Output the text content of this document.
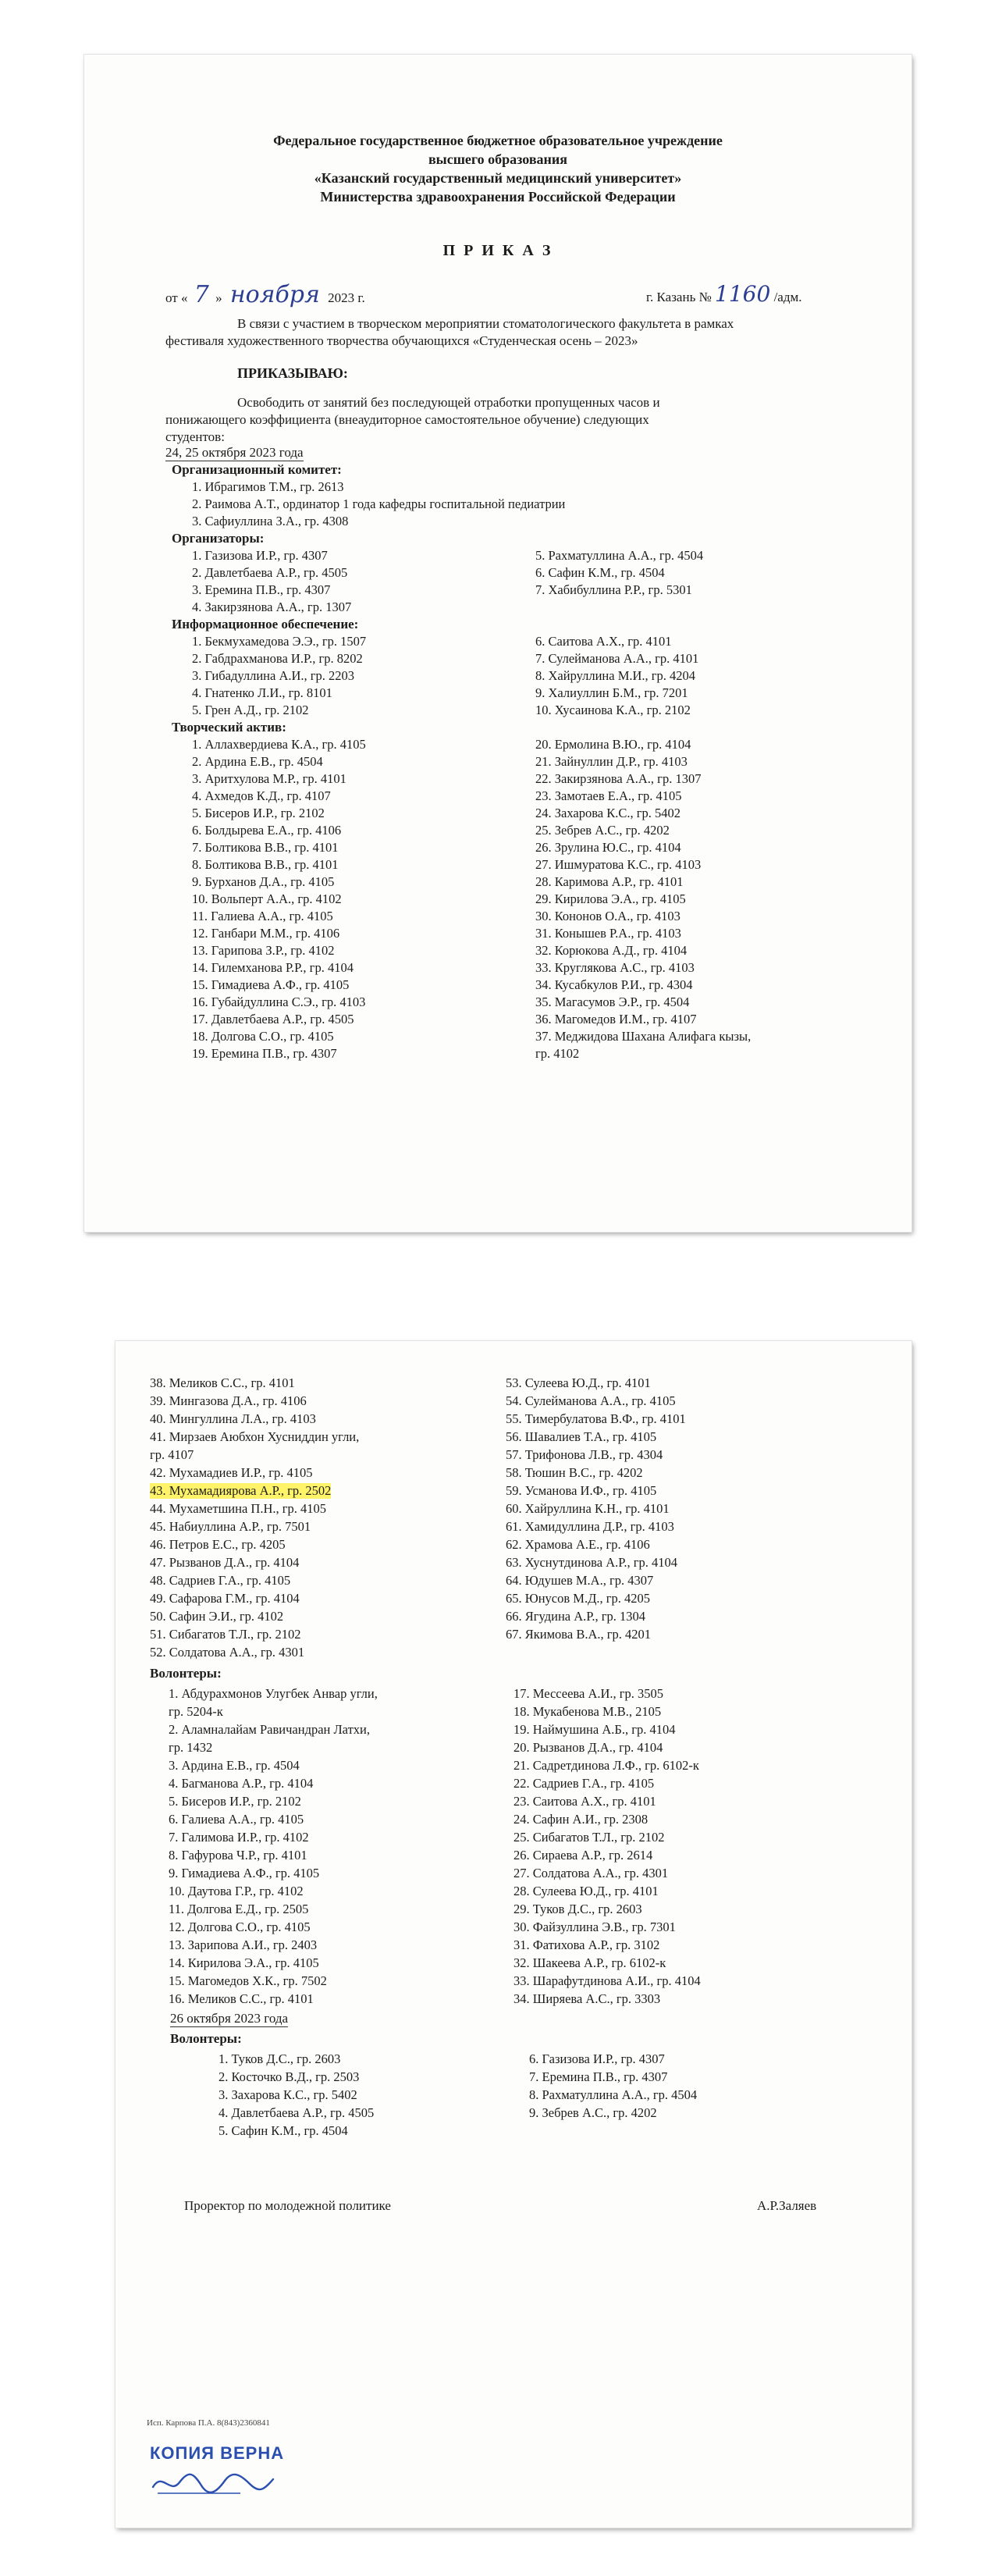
Федеральное государственное бюджетное образовательное учреждение
высшего образования
«Казанский государственный медицинский университет»
Министерства здравоохранения Российской Федерации
П Р И К А З
от « 7 » ноября 2023 г.	г. Казань № 1160 /адм.
В связи с участием в творческом мероприятии стоматологического факультета в рамках
фестиваля художественного творчества обучающихся «Студенческая осень – 2023»
ПРИКАЗЫВАЮ:
Освободить от занятий без последующей отработки пропущенных часов и
понижающего коэффициента (внеаудиторное самостоятельное обучение) следующих
студентов:
24, 25 октября 2023 года
Организационный комитет:
1. Ибрагимов Т.М., гр. 2613
2. Раимова А.Т., ординатор 1 года кафедры госпитальной педиатрии
3. Сафиуллина З.А., гр. 4308
Организаторы:
1. Газизова И.Р., гр. 4307
2. Давлетбаева А.Р., гр. 4505
3. Еремина П.В., гр. 4307
4. Закирзянова А.А., гр. 1307
5. Рахматуллина А.А., гр. 4504
6. Сафин К.М., гр. 4504
7. Хабибуллина Р.Р., гр. 5301
Информационное обеспечение:
1. Бекмухамедова Э.Э., гр. 1507
2. Габдрахманова И.Р., гр. 8202
3. Гибадуллина А.И., гр. 2203
4. Гнатенко Л.И., гр. 8101
5. Грен А.Д., гр. 2102
6. Саитова А.Х., гр. 4101
7. Сулейманова А.А., гр. 4101
8. Хайруллина М.И., гр. 4204
9. Халиуллин Б.М., гр. 7201
10. Хусаинова К.А., гр. 2102
Творческий актив:
1. Аллахвердиева К.А., гр. 4105
2. Ардина Е.В., гр. 4504
3. Аритхулова М.Р., гр. 4101
4. Ахмедов К.Д., гр. 4107
5. Бисеров И.Р., гр. 2102
6. Болдырева Е.А., гр. 4106
7. Болтикова В.В., гр. 4101
8. Болтикова В.В., гр. 4101
9. Бурханов Д.А., гр. 4105
10. Вольперт А.А., гр. 4102
11. Галиева А.А., гр. 4105
12. Ганбари М.М., гр. 4106
13. Гарипова З.Р., гр. 4102
14. Гилемханова Р.Р., гр. 4104
15. Гимадиева А.Ф., гр. 4105
16. Губайдуллина С.Э., гр. 4103
17. Давлетбаева А.Р., гр. 4505
18. Долгова С.О., гр. 4105
19. Еремина П.В., гр. 4307
20. Ермолина В.Ю., гр. 4104
21. Зайнуллин Д.Р., гр. 4103
22. Закирзянова А.А., гр. 1307
23. Замотаев Е.А., гр. 4105
24. Захарова К.С., гр. 5402
25. Зебрев А.С., гр. 4202
26. Зрулина Ю.С., гр. 4104
27. Ишмуратова К.С., гр. 4103
28. Каримова А.Р., гр. 4101
29. Кирилова Э.А., гр. 4105
30. Кононов О.А., гр. 4103
31. Конышев Р.А., гр. 4103
32. Корюкова А.Д., гр. 4104
33. Круглякова А.С., гр. 4103
34. Кусабкулов Р.И., гр. 4304
35. Магасумов Э.Р., гр. 4504
36. Магомедов И.М., гр. 4107
37. Меджидова Шахана Алифага кызы,
гр. 4102
38. Меликов С.С., гр. 4101
39. Мингазова Д.А., гр. 4106
40. Мингуллина Л.А., гр. 4103
41. Мирзаев Аюбхон Хусниддин угли,
гр. 4107
42. Мухамадиев И.Р., гр. 4105
43. Мухамадиярова А.Р., гр. 2502
44. Мухаметшина П.Н., гр. 4105
45. Набиуллина А.Р., гр. 7501
46. Петров Е.С., гр. 4205
47. Рызванов Д.А., гр. 4104
48. Садриев Г.А., гр. 4105
49. Сафарова Г.М., гр. 4104
50. Сафин Э.И., гр. 4102
51. Сибагатов Т.Л., гр. 2102
52. Солдатова А.А., гр. 4301
53. Сулеева Ю.Д., гр. 4101
54. Сулейманова А.А., гр. 4105
55. Тимербулатова В.Ф., гр. 4101
56. Шавалиев Т.А., гр. 4105
57. Трифонова Л.В., гр. 4304
58. Тюшин В.С., гр. 4202
59. Усманова И.Ф., гр. 4105
60. Хайруллина К.Н., гр. 4101
61. Хамидуллина Д.Р., гр. 4103
62. Храмова А.Е., гр. 4106
63. Хуснутдинова А.Р., гр. 4104
64. Юдушев М.А., гр. 4307
65. Юнусов М.Д., гр. 4205
66. Ягудина А.Р., гр. 1304
67. Якимова В.А., гр. 4201
Волонтеры:
1. Абдурахмонов Улугбек Анвар угли,
гр. 5204-к
2. Аламналайам Равичандран Латхи,
гр. 1432
3. Ардина Е.В., гр. 4504
4. Багманова А.Р., гр. 4104
5. Бисеров И.Р., гр. 2102
6. Галиева А.А., гр. 4105
7. Галимова И.Р., гр. 4102
8. Гафурова Ч.Р., гр. 4101
9. Гимадиева А.Ф., гр. 4105
10. Даутова Г.Р., гр. 4102
11. Долгова Е.Д., гр. 2505
12. Долгова С.О., гр. 4105
13. Зарипова А.И., гр. 2403
14. Кирилова Э.А., гр. 4105
15. Магомедов Х.К., гр. 7502
16. Меликов С.С., гр. 4101
17. Мессеева А.И., гр. 3505
18. Мукабенова М.В., 2105
19. Наймушина А.Б., гр. 4104
20. Рызванов Д.А., гр. 4104
21. Садретдинова Л.Ф., гр. 6102-к
22. Садриев Г.А., гр. 4105
23. Саитова А.Х., гр. 4101
24. Сафин А.И., гр. 2308
25. Сибагатов Т.Л., гр. 2102
26. Сираева А.Р., гр. 2614
27. Солдатова А.А., гр. 4301
28. Сулеева Ю.Д., гр. 4101
29. Туков Д.С., гр. 2603
30. Файзуллина Э.В., гр. 7301
31. Фатихова А.Р., гр. 3102
32. Шакеева А.Р., гр. 6102-к
33. Шарафутдинова А.И., гр. 4104
34. Ширяева А.С., гр. 3303
26 октября 2023 года
Волонтеры:
1. Туков Д.С., гр. 2603
2. Косточко В.Д., гр. 2503
3. Захарова К.С., гр. 5402
4. Давлетбаева А.Р., гр. 4505
5. Сафин К.М., гр. 4504
6. Газизова И.Р., гр. 4307
7. Еремина П.В., гр. 4307
8. Рахматуллина А.А., гр. 4504
9. Зебрев А.С., гр. 4202
Проректор по молодежной политике	А.Р.Заляев
Исп. Карпова П.А. 8(843)2360841
КОПИЯ ВЕРНА
